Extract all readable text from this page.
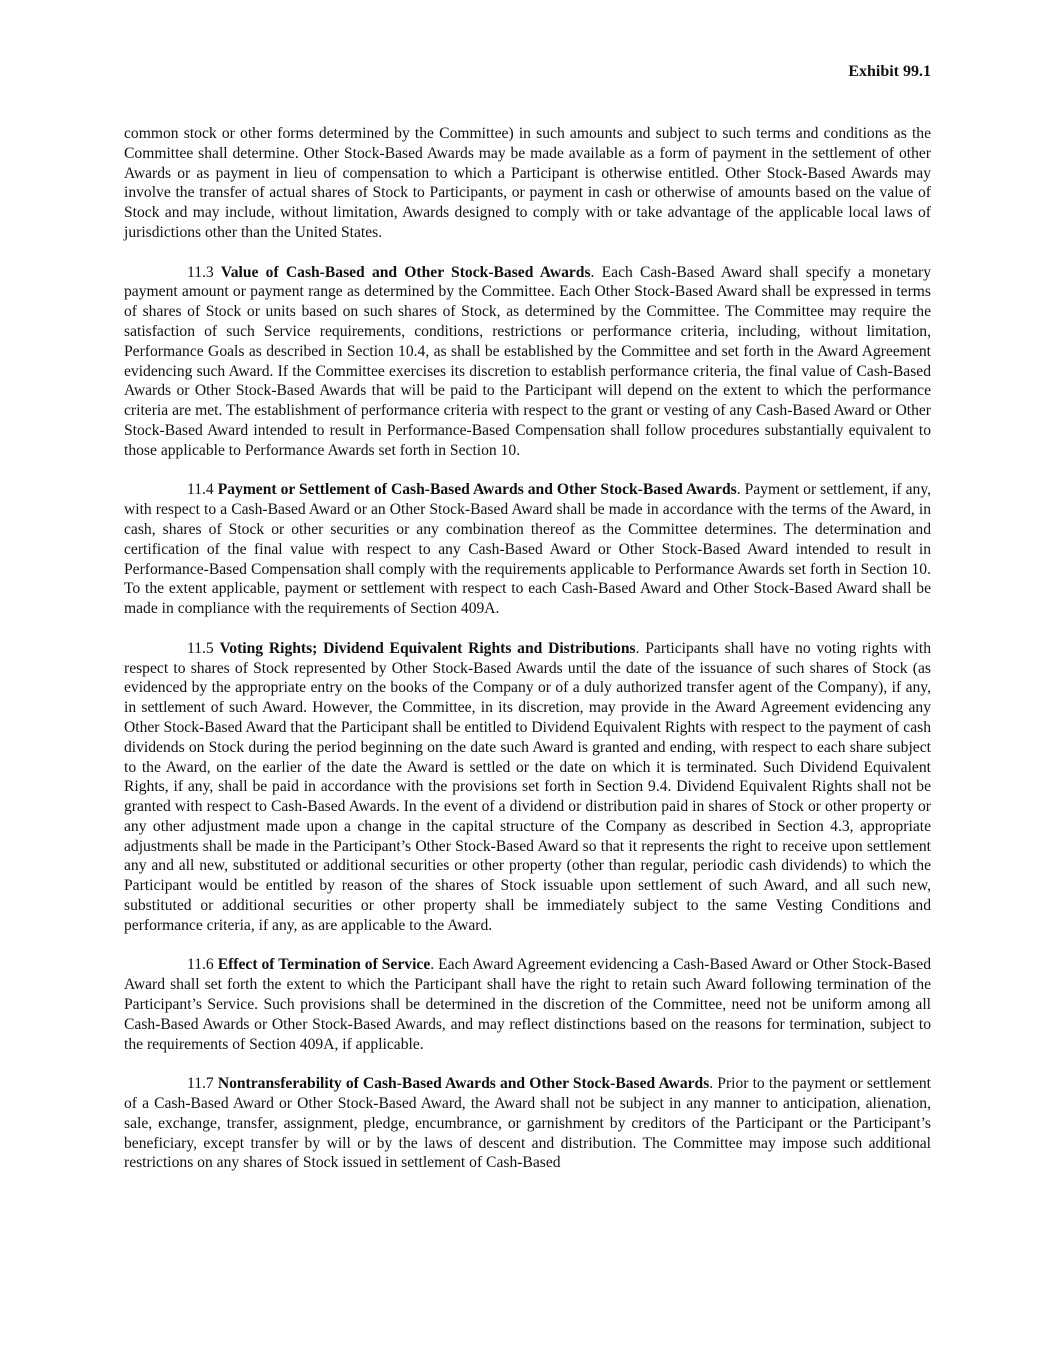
Exhibit 99.1

common stock or other forms determined by the Committee) in such amounts and subject to such terms and conditions as the Committee shall determine. Other Stock-Based Awards may be made available as a form of payment in the settlement of other Awards or as payment in lieu of compensation to which a Participant is otherwise entitled. Other Stock-Based Awards may involve the transfer of actual shares of Stock to Participants, or payment in cash or otherwise of amounts based on the value of Stock and may include, without limitation, Awards designed to comply with or take advantage of the applicable local laws of jurisdictions other than the United States.

11.3 Value of Cash-Based and Other Stock-Based Awards. Each Cash-Based Award shall specify a monetary payment amount or payment range as determined by the Committee. Each Other Stock-Based Award shall be expressed in terms of shares of Stock or units based on such shares of Stock, as determined by the Committee. The Committee may require the satisfaction of such Service requirements, conditions, restrictions or performance criteria, including, without limitation, Performance Goals as described in Section 10.4, as shall be established by the Committee and set forth in the Award Agreement evidencing such Award. If the Committee exercises its discretion to establish performance criteria, the final value of Cash-Based Awards or Other Stock-Based Awards that will be paid to the Participant will depend on the extent to which the performance criteria are met. The establishment of performance criteria with respect to the grant or vesting of any Cash-Based Award or Other Stock-Based Award intended to result in Performance-Based Compensation shall follow procedures substantially equivalent to those applicable to Performance Awards set forth in Section 10.

11.4 Payment or Settlement of Cash-Based Awards and Other Stock-Based Awards. Payment or settlement, if any, with respect to a Cash-Based Award or an Other Stock-Based Award shall be made in accordance with the terms of the Award, in cash, shares of Stock or other securities or any combination thereof as the Committee determines. The determination and certification of the final value with respect to any Cash-Based Award or Other Stock-Based Award intended to result in Performance-Based Compensation shall comply with the requirements applicable to Performance Awards set forth in Section 10. To the extent applicable, payment or settlement with respect to each Cash-Based Award and Other Stock-Based Award shall be made in compliance with the requirements of Section 409A.

11.5 Voting Rights; Dividend Equivalent Rights and Distributions. Participants shall have no voting rights with respect to shares of Stock represented by Other Stock-Based Awards until the date of the issuance of such shares of Stock (as evidenced by the appropriate entry on the books of the Company or of a duly authorized transfer agent of the Company), if any, in settlement of such Award. However, the Committee, in its discretion, may provide in the Award Agreement evidencing any Other Stock-Based Award that the Participant shall be entitled to Dividend Equivalent Rights with respect to the payment of cash dividends on Stock during the period beginning on the date such Award is granted and ending, with respect to each share subject to the Award, on the earlier of the date the Award is settled or the date on which it is terminated. Such Dividend Equivalent Rights, if any, shall be paid in accordance with the provisions set forth in Section 9.4. Dividend Equivalent Rights shall not be granted with respect to Cash-Based Awards. In the event of a dividend or distribution paid in shares of Stock or other property or any other adjustment made upon a change in the capital structure of the Company as described in Section 4.3, appropriate adjustments shall be made in the Participant’s Other Stock-Based Award so that it represents the right to receive upon settlement any and all new, substituted or additional securities or other property (other than regular, periodic cash dividends) to which the Participant would be entitled by reason of the shares of Stock issuable upon settlement of such Award, and all such new, substituted or additional securities or other property shall be immediately subject to the same Vesting Conditions and performance criteria, if any, as are applicable to the Award.

11.6 Effect of Termination of Service. Each Award Agreement evidencing a Cash-Based Award or Other Stock-Based Award shall set forth the extent to which the Participant shall have the right to retain such Award following termination of the Participant’s Service. Such provisions shall be determined in the discretion of the Committee, need not be uniform among all Cash-Based Awards or Other Stock-Based Awards, and may reflect distinctions based on the reasons for termination, subject to the requirements of Section 409A, if applicable.

11.7 Nontransferability of Cash-Based Awards and Other Stock-Based Awards. Prior to the payment or settlement of a Cash-Based Award or Other Stock-Based Award, the Award shall not be subject in any manner to anticipation, alienation, sale, exchange, transfer, assignment, pledge, encumbrance, or garnishment by creditors of the Participant or the Participant’s beneficiary, except transfer by will or by the laws of descent and distribution. The Committee may impose such additional restrictions on any shares of Stock issued in settlement of Cash-Based
